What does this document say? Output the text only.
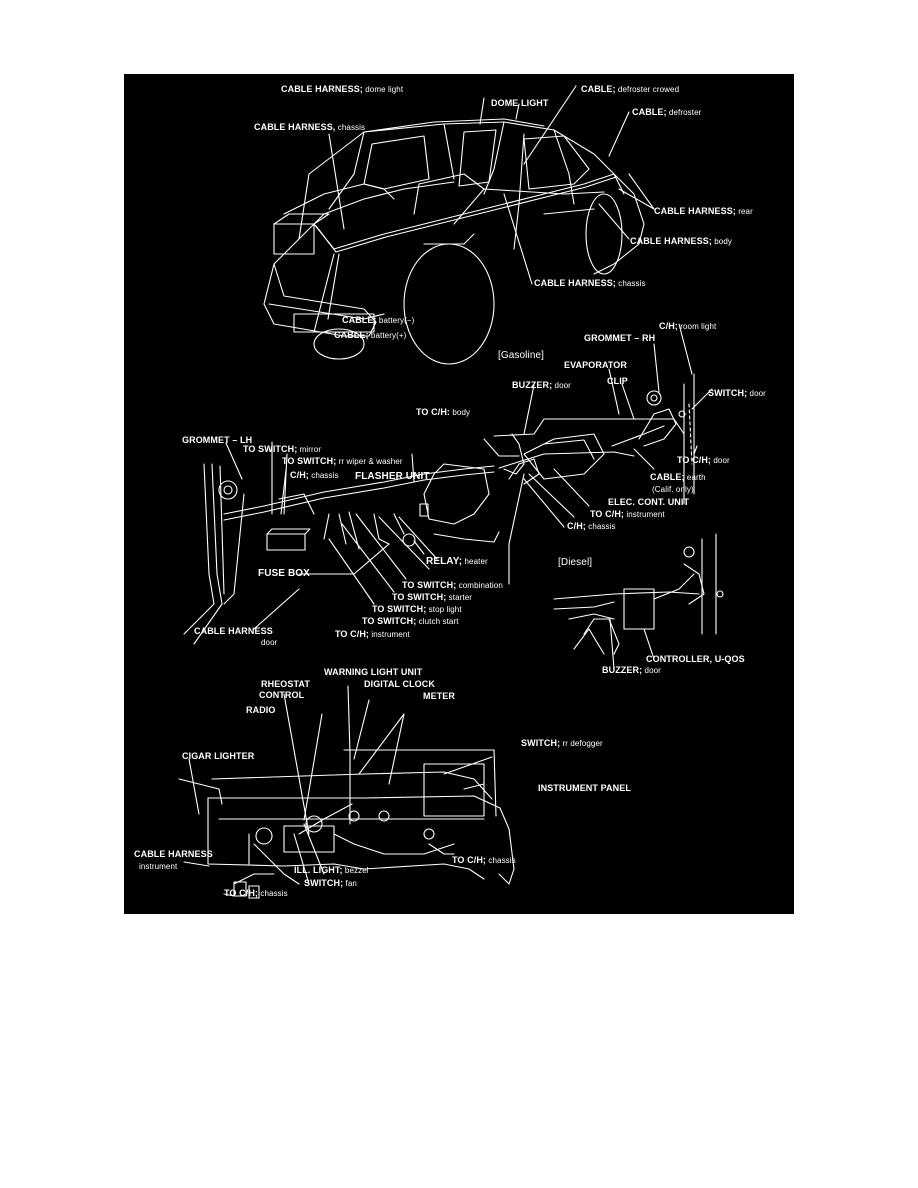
CABLE HARNESS; dome light
DOME LIGHT
CABLE; defroster crowed
CABLE; defroster
CABLE HARNESS, chassis
CABLE HARNESS; rear
CABLE HARNESS; body
CABLE HARNESS; chassis
CABLE; battery(−)
CABLE; battery(+)
C/H; room light
GROMMET – RH
[Gasoline]
EVAPORATOR
BUZZER; door	CLIP
SWITCH; door
TO C/H: body
TO C/H; door
CABLE; earth
(Calif. only)
ELEC. CONT. UNIT
TO C/H; instrument
C/H; chassis
GROMMET – LH
TO SWITCH; mirror
TO SWITCH; rr wiper & washer
C/H; chassis FLASHER UNIT
FUSE BOX
RELAY; heater
TO SWITCH; combination
TO SWITCH; starter
TO SWITCH; stop light
TO SWITCH; clutch start
TO C/H; instrument
CABLE HARNESS
door
[Diesel]
CONTROLLER, U-QOS
BUZZER; door
WARNING LIGHT UNIT
RHEOSTAT
CONTROL
DIGITAL CLOCK
METER
RADIO
SWITCH; rr defogger
CIGAR LIGHTER
INSTRUMENT PANEL
CABLE HARNESS
instrument	ILL. LIGHT; bezzel
TO C/H; chassis
SWITCH; fan
TO C/H; chassis
